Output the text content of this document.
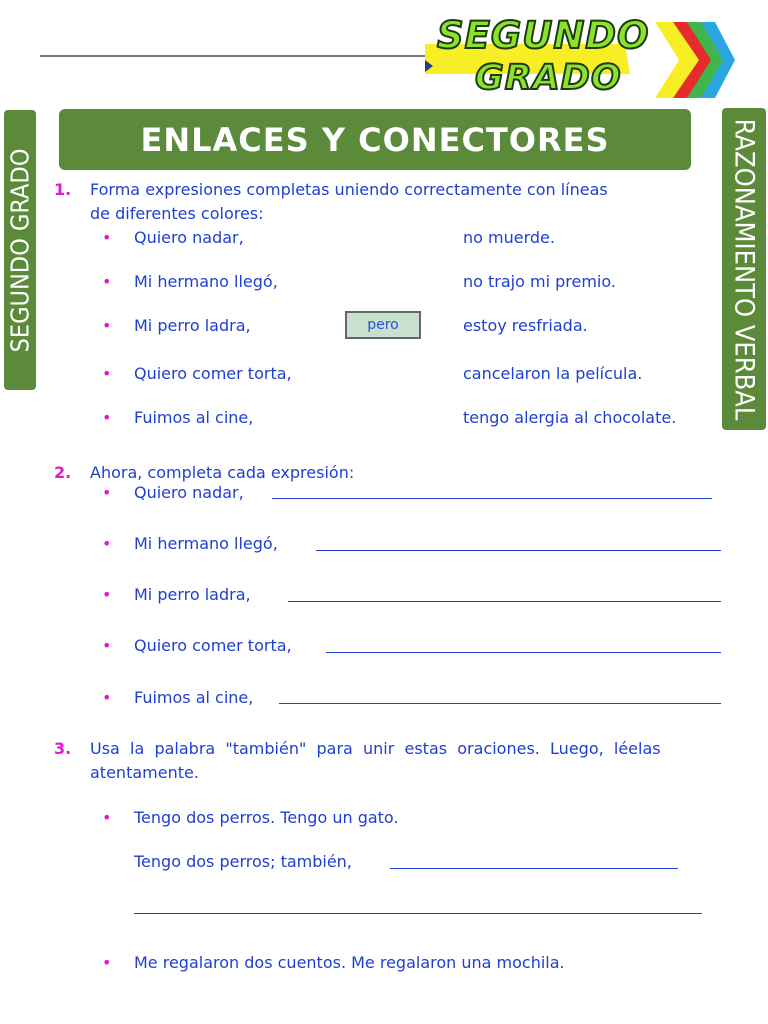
SEGUNDO
GRADO
SEGUNDO GRADO	RAZONAMIENTO VERBAL
ENLACES Y CONECTORES
1. Forma expresiones completas uniendo correctamente con líneas
de diferentes colores:
• Quiero nadar,	no muerde.
• Mi hermano llegó,	no trajo mi premio.
• Mi perro ladra,	pero	estoy resfriada.
• Quiero comer torta,	cancelaron la película.
• Fuimos al cine,	tengo alergia al chocolate.
2. Ahora, completa cada expresión:
• Quiero nadar,
• Mi hermano llegó,
• Mi perro ladra,
• Quiero comer torta,
• Fuimos al cine,
3. Usa  la  palabra  "también"  para  unir  estas  oraciones.  Luego,  léelas
atentamente.
• Tengo dos perros. Tengo un gato.
Tengo dos perros; también,
• Me regalaron dos cuentos. Me regalaron una mochila.
